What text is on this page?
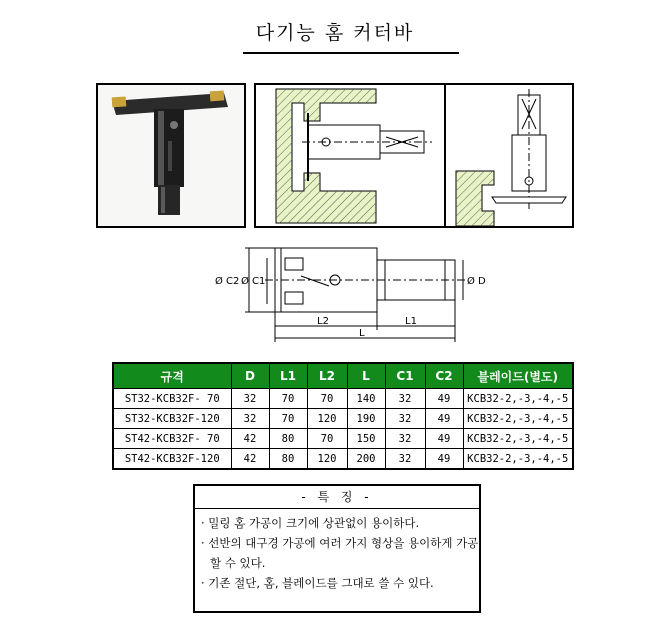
다기능 홈 커터바
Ø C2 Ø C1	Ø D
L2	L1
L
규격	D	L1	L2	L	C1	C2	블레이드(별도)
ST32-KCB32F- 70	32	70	70	140	32	49	KCB32-2,-3,-4,-5
ST32-KCB32F-120	32	70	120	190	32	49	KCB32-2,-3,-4,-5
ST42-KCB32F- 70	42	80	70	150	32	49	KCB32-2,-3,-4,-5
ST42-KCB32F-120	42	80	120	200	32	49	KCB32-2,-3,-4,-5
- 특 징 -
· 밀링 홈 가공이 크기에 상관없이 용이하다.
· 선반의 대구경 가공에 여러 가지 형상을 용이하게 가공할 수 있다.
· 기존 절단, 홈, 블레이드를 그대로 쓸 수 있다.
